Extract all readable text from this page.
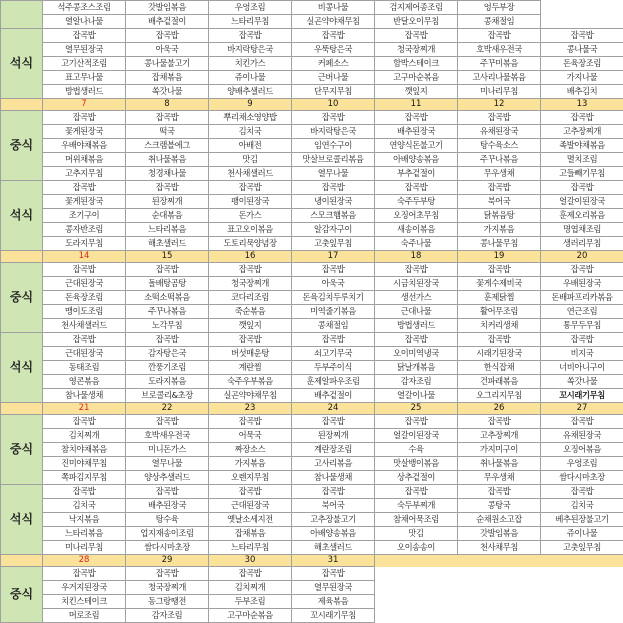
	석주콩조스조림	갓발임볶음	우엉조림	비콩나물	검지제어종조림	엉두부장	
	열알나나물	배추겉절이	느타리무침	실곤약야채무침	반달오이무침	콩채절임	
석식	잡곡밥	잡곡밥	잡곡밥	잡곡밥	잡곡밥	잡곡밥	잡곡밥
	열무된장국	아욱국	바지락탕은국	우뚝탕은국	청국장찌개	호박새우전국	콩나물국
	고기산적조림	콩나물불고기	치킨가스	커페소스	함박스테이크	주꾸미볶음	돈육장조림
	표고무나물	잡채볶음	쥬이나물	근버나물	고구마순볶음	고사리나물볶음	가지나물
	방법생러드	쏙갓나물	양배추샐러드	단무지무침	깻잎지	미나리무침	배추김치
	7	8	9	10	11	12	13
중식	잡곡밥	잡곡밥	뿌리채소영양밥	잡곡밥	잡곡밥	잡곡밥	잡곡밥
	꽃게된장국	떡국	김치국	바지락탕은국	배추된장국	유채된장국	고추장찌개
	우배야채볶음	스크램블에그	아배전	임연수구이	연양식돈불고기	탕수육소스	족발야채볶음
	머위채볶음	취나물볶음	맛김	맛살브로콜리볶음	아배양송볶음	주꾸나볶음	멸치조림
	고추지무침	청경채나물	천사채샐러드	열무나물	부추겉절이	무우생채	고들빼기무침
석식	잡곡밥	잡곡밥	잡곡밥	잡곡밥	잡곡밥	잡곡밥	잡곡밥
	꽃게된장국	된장찌개	팽이된장국	냉이된장국	숙주두부탕	북어국	얼갈이된장국
	조기구이	순대볶음	돈가스	스모크햄볶음	오징어초무침	닭볶음탕	훈제오리볶음
	콩자반조림	느타리볶음	표고오이볶음	알감자구이	새송이볶음	가지볶음	명엽채조림
	도라지무침	해초샐러드	도토리묵양념장	고춧잎무침	숙주나물	콩나물무침	생러리무침
	14	15	16	17	18	19	20
중식	잡곡밥	잡곡밥	잡곡밥	잡곡밥	잡곡밥	잡곡밥	잡곡밥
	근대된장국	돌배탕곰탕	청국장찌개	아욱국	시금치된장국	꽃게수제비국	우배된장국
	돈육장조림	소떡소떡볶음	코다리조림	돈육김치두루치기	생선가스	훈제닭찜	돈배파프리카볶음
	맹이도조림	주꾸나볶음	죽순볶음	미역줄기볶음	근대나물	활어무조림	연근조림
	천사채샐러드	노각무침	깻잎지	콩채절임	방법생러드	치커리생채	통무두무침
석식	잡곡밥	잡곡밥	잡곡밥	잡곡밥	잡곡밥	잡곡밥	잡곡밥
	근대된장국	감자탕은국	버섯매운탕	쇠고기무국	오이미역냉국	시래기된장국	비지국
	동태조림	깐풍기조림	계란찜	두부주이식	닭날개볶음	한식잡채	너비아니구이
	영콘볶음	도라지볶음	숙주우부볶음	훈제알파우조림	감자조림	건파래볶음	쏙갓나물
	참나물생채	브로콜리&초장	실곤약야채무침	배추겉절이	열갈이나물	오그리지무침	꼬시래기무침
	21	22	23	24	25	26	27
중식	잡곡밥	잡곡밥	잡곡밥	잡곡밥	잡곡밥	잡곡밥	잡곡밥
	김치찌개	호박새우전국	어묵국	된장찌개	얼갈이된장국	고추장찌개	유채된장국
	참치야채볶음	미니돈가스	짜장소스	계란장조림	수육	가지미구이	오징어볶음
	진미야채무침	열무나물	가지볶음	고사리볶음	맛살뱅이볶음	취나물볶음	우엉조림
	쪽파김지무침	양상추샐러드	오렌지무침	참나물생채	상추겉절이	무우생채	쌈다시마초장
석식	잡곡밥	잡곡밥	잡곡밥	잡곡밥	잡곡밥	잡곡밥	잡곡밥
	김치국	배추된장국	근대된장국	북어국	숙두부찌개	콩탕국	김치국
	낙지볶음	탕수육	옛날소세지전	고추장불고기	참채어묵조림	순채원소고잡	베추된장불고기
	느타리볶음	업지재송이조림	잡채볶음	아배양송볶음	맛김	갓발임볶음	쥬이나물
	미나리무침	쌈다시마초장	느타리무침	해초샐러드	오이송송이	천사채무침	고춧잎무침
	28	29	30	31			
중식	잡곡밥	잡곡밥	잡곡밥	잡곡밥			
	우거지된장국	청국장찌개	김치찌개	열무된장국			
	치킨스테이크	동그랑땡전	두부조림	제육볶음			
	머로조림	감자조림	고구마순볶음	꼬시래기무침			
